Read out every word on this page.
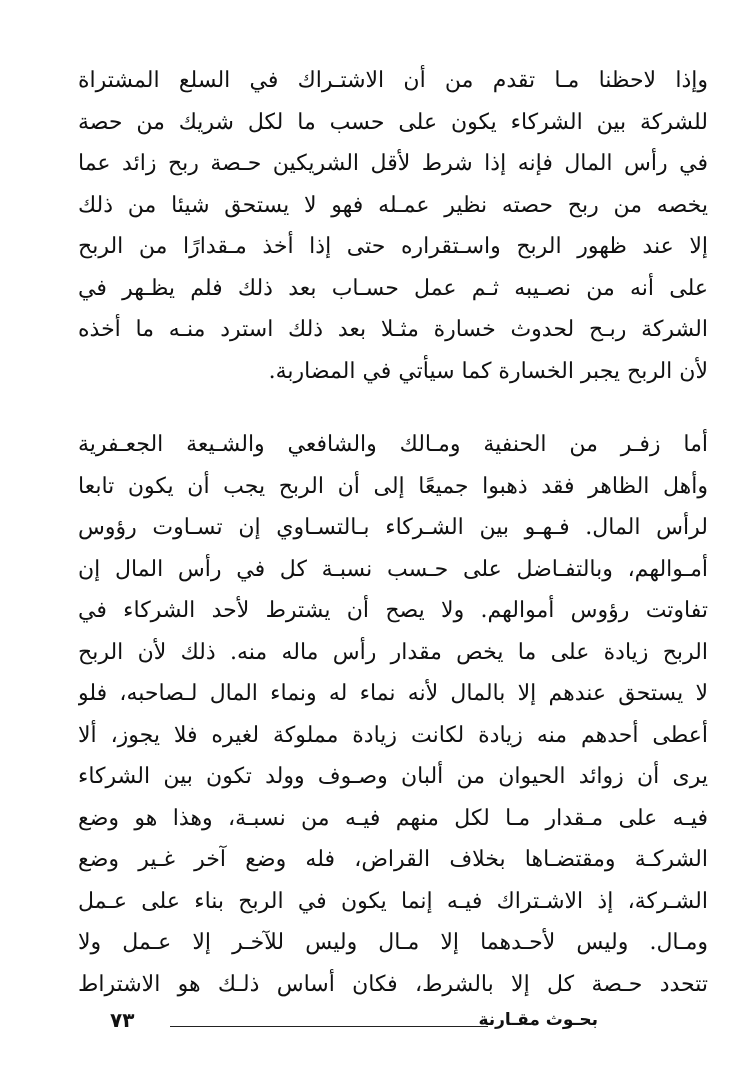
وإذا لاحظنا مـا تقدم من أن الاشتـراك في السلع المشتراة
للشركة بين الشركاء يكون على حسب ما لكل شريك من حصة
في رأس المال فإنه إذا شرط لأقل الشريكين حـصة ربح زائد عما
يخصه من ربح حصته نظير عمـله فهو لا يستحق شيئا من ذلك
إلا عند ظهور الربح واسـتقراره حتى إذا أخذ مـقدارًا من الربح
على أنه من نصـيبه ثـم عمل حسـاب بعد ذلك فلم يظـهر في
الشركة ربـح لحدوث خسارة مثـلا بعد ذلك استرد منـه ما أخذه
لأن الربح يجبر الخسارة كما سيأتي في المضاربة.
أما زفـر من الحنفية ومـالك والشافعي والشـيعة الجعـفرية
وأهل الظاهر فقد ذهبوا جميعًا إلى أن الربح يجب أن يكون تابعا
لرأس المال. فـهـو بين الشـركاء بـالتسـاوي إن تسـاوت رؤوس
أمـوالهم، وبالتفـاضل على حـسب نسبـة كل في رأس المال إن
تفاوتت رؤوس أموالهم. ولا يصح أن يشترط لأحد الشركاء في
الربح زيادة على ما يخص مقدار رأس ماله منه. ذلك لأن الربح
لا يستحق عندهم إلا بالمال لأنه نماء له ونماء المال لـصاحبه، فلو
أعطى أحدهم منه زيادة لكانت زيادة مملوكة لغيره فلا يجوز، ألا
يرى أن زوائد الحيوان من ألبان وصـوف وولد تكون بين الشركاء
فيـه على مـقدار مـا لكل منهم فيـه من نسبـة، وهذا هو وضع
الشركـة ومقتضـاها بخلاف القراض، فله وضع آخر غـير وضع
الشـركة، إذ الاشـتراك فيـه إنما يكون في الربح بناء على عـمل
ومـال. وليس لأحـدهما إلا مـال وليس للآخـر إلا عـمل ولا
تتحدد حـصة كل إلا بالشرط، فكان أساس ذلـك هو الاشتراط
بحـوث مقـارنة
٧٣
